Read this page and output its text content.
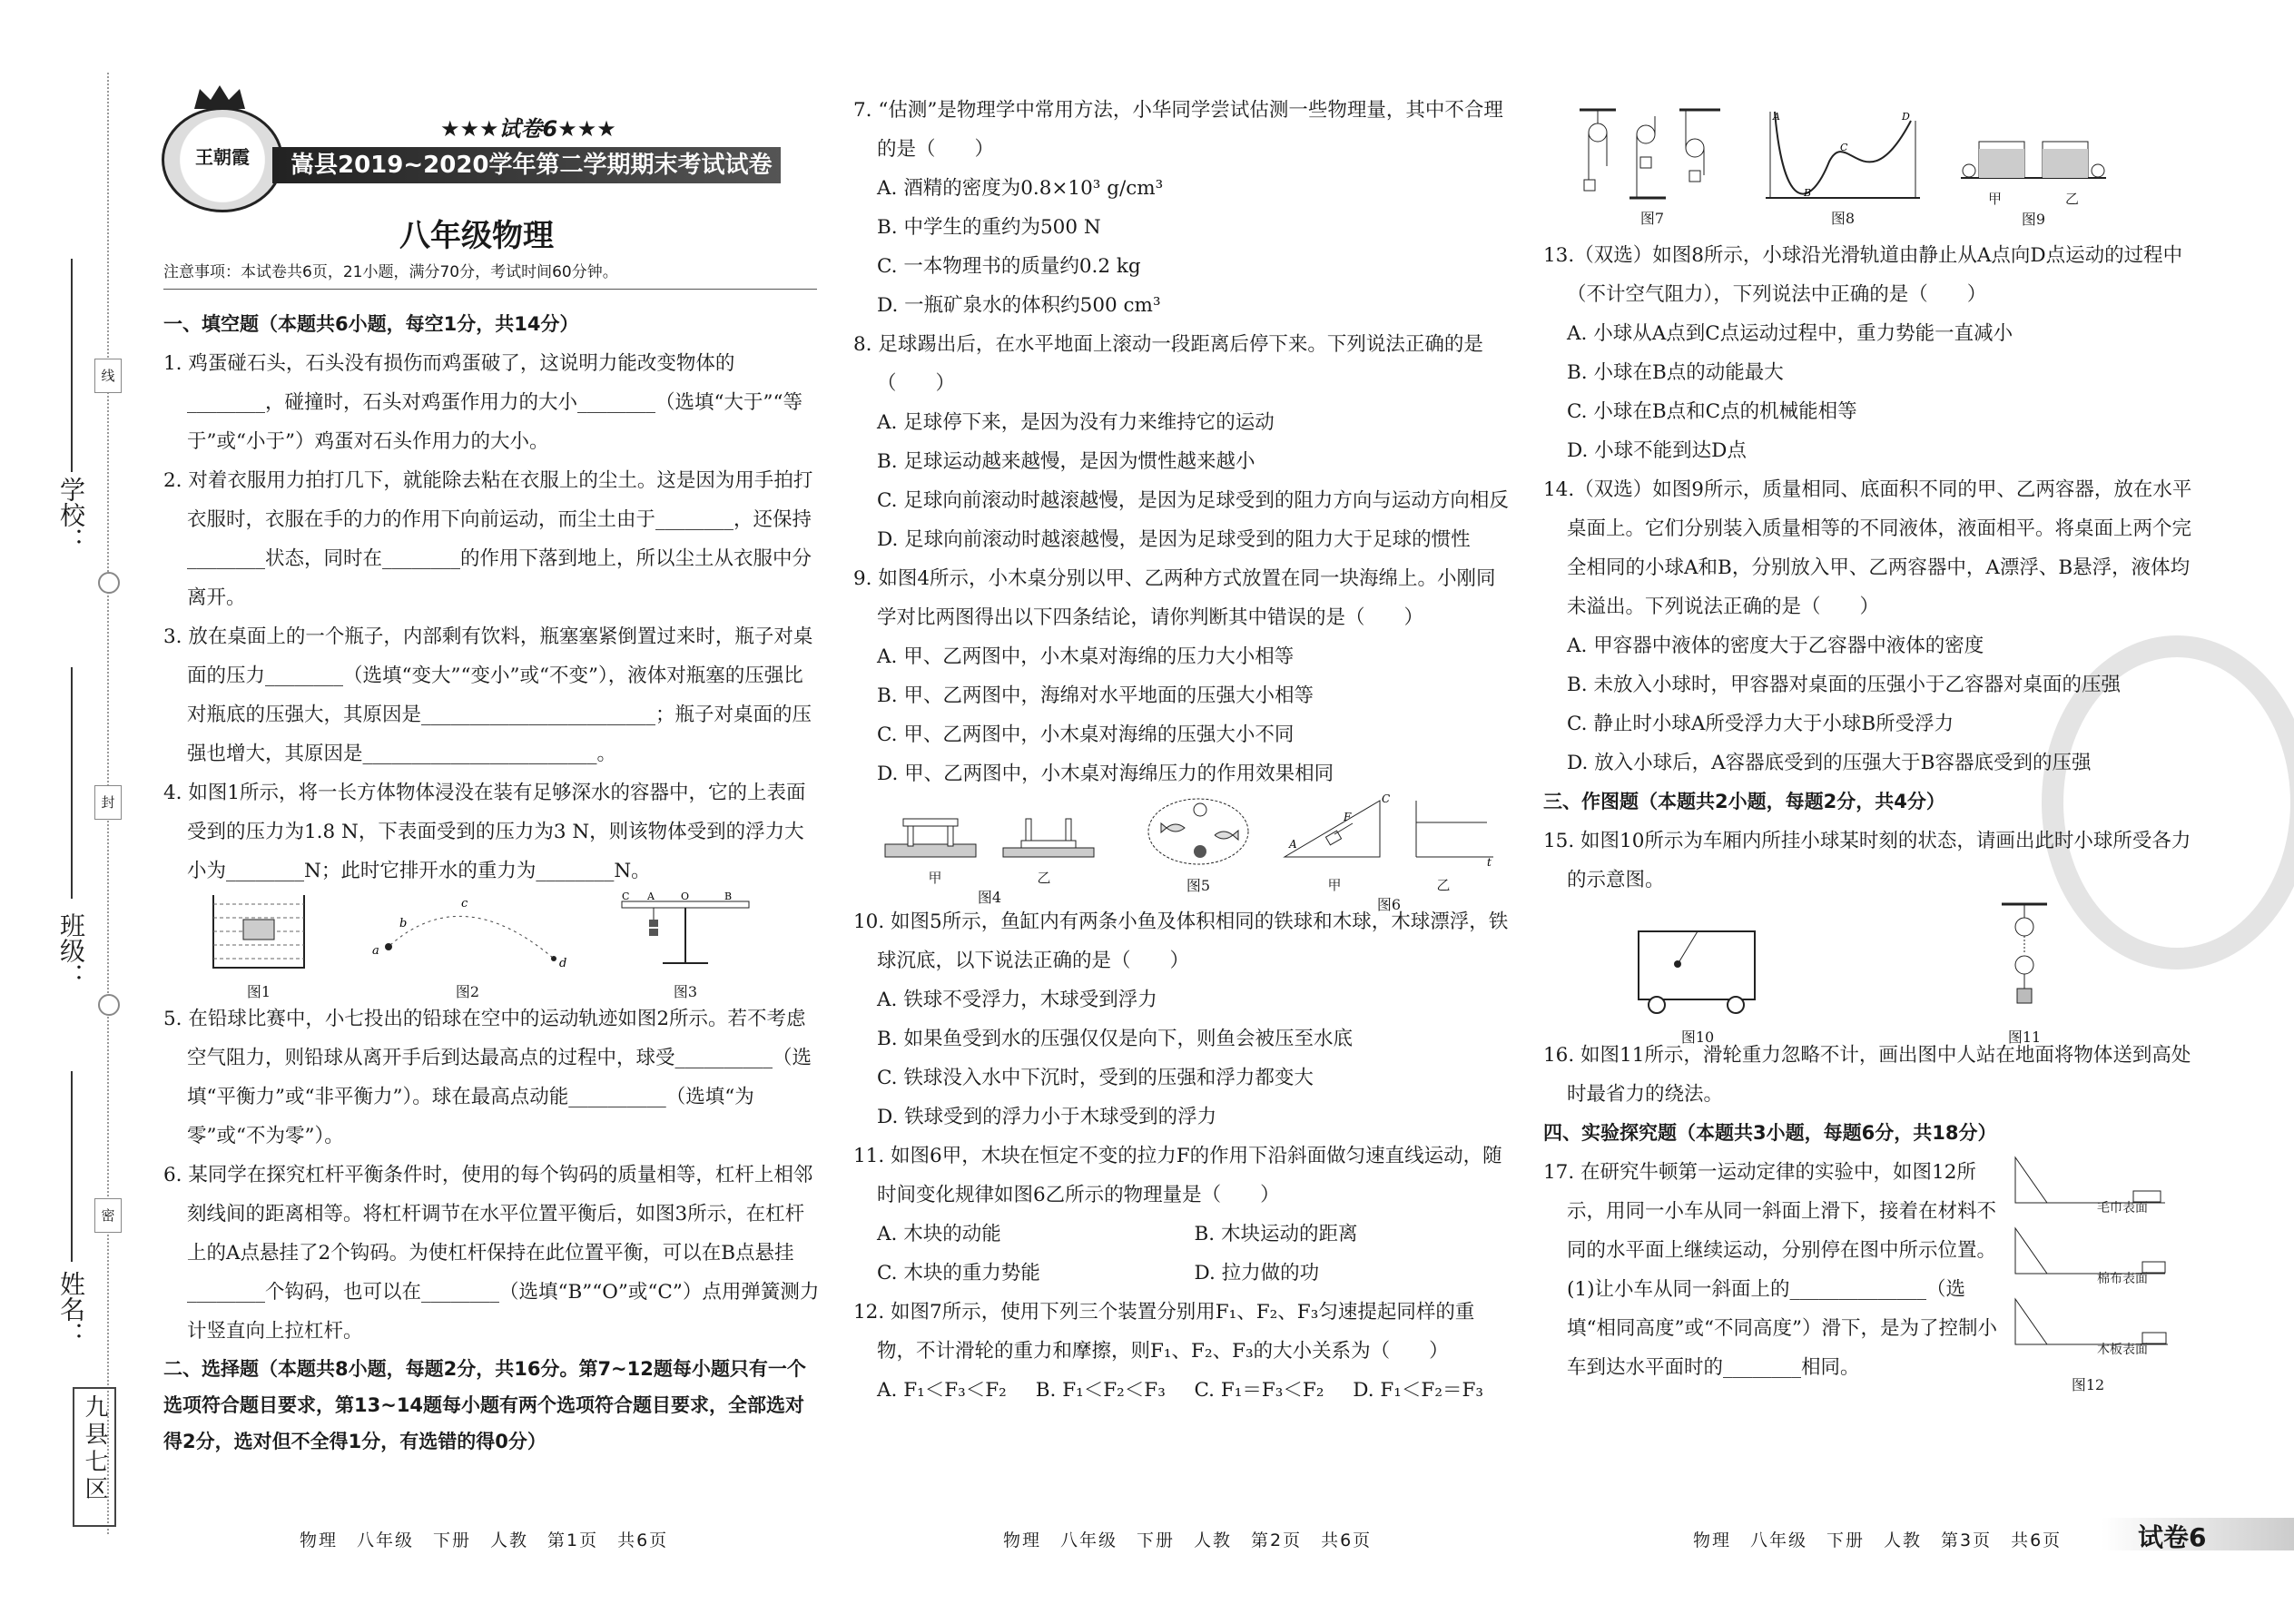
线
封
密
学校：
班级：
姓名：
九县七区
王朝霞
★★★试卷6★★★
嵩县2019~2020学年第二学期期末考试试卷
八年级物理
注意事项：本试卷共6页，21小题，满分70分，考试时间60分钟。

一、填空题（本题共6小题，每空1分，共14分）

1. 鸡蛋碰石头，石头没有损伤而鸡蛋破了，这说明力能改变物体的________，碰撞时，石头对鸡蛋作用力的大小________（选填“大于”“等于”或“小于”）鸡蛋对石头作用力的大小。

2. 对着衣服用力拍打几下，就能除去粘在衣服上的尘土。这是因为用手拍打衣服时，衣服在手的力的作用下向前运动，而尘土由于________，还保持________状态，同时在________的作用下落到地上，所以尘土从衣服中分离开。

3. 放在桌面上的一个瓶子，内部剩有饮料，瓶塞塞紧倒置过来时，瓶子对桌面的压力________（选填“变大”“变小”或“不变”），液体对瓶塞的压强比对瓶底的压强大，其原因是________________________；瓶子对桌面的压强也增大，其原因是________________________。

4. 如图1所示，将一长方体物体浸没在装有足够深水的容器中，它的上表面受到的压力为1.8 N，下表面受到的压力为3 N，则该物体受到的浮力大小为________N；此时它排开水的重力为________N。

图1
a
b
c
d
图2
C A	O	B
图3

5. 在铅球比赛中，小七投出的铅球在空中的运动轨迹如图2所示。若不考虑空气阻力，则铅球从离开手后到达最高点的过程中，球受__________（选填“平衡力”或“非平衡力”）。球在最高点动能__________（选填“为零”或“不为零”）。

6. 某同学在探究杠杆平衡条件时，使用的每个钩码的质量相等，杠杆上相邻刻线间的距离相等。将杠杆调节在水平位置平衡后，如图3所示，在杠杆上的A点悬挂了2个钩码。为使杠杆保持在此位置平衡，可以在B点悬挂________个钩码，也可以在________（选填“B”“O”或“C”）点用弹簧测力计竖直向上拉杠杆。

二、选择题（本题共8小题，每题2分，共16分。第7~12题每小题只有一个选项符合题目要求，第13~14题每小题有两个选项符合题目要求，全部选对得2分，选对但不全得1分，有选错的得0分）

物理　八年级　下册　人教　第1页　共6页

7. “估测”是物理学中常用方法，小华同学尝试估测一些物理量，其中不合理的是（　　）

A. 酒精的密度为0.8×10³ g/cm³

B. 中学生的重约为500 N

C. 一本物理书的质量约0.2 kg

D. 一瓶矿泉水的体积约500 cm³

8. 足球踢出后，在水平地面上滚动一段距离后停下来。下列说法正确的是（　　）

A. 足球停下来，是因为没有力来维持它的运动

B. 足球运动越来越慢，是因为惯性越来越小

C. 足球向前滚动时越滚越慢，是因为足球受到的阻力方向与运动方向相反

D. 足球向前滚动时越滚越慢，是因为足球受到的阻力大于足球的惯性

9. 如图4所示，小木桌分别以甲、乙两种方式放置在同一块海绵上。小刚同学对比两图得出以下四条结论，请你判断其中错误的是（　　）

A. 甲、乙两图中，小木桌对海绵的压力大小相等

B. 甲、乙两图中，海绵对水平地面的压强大小相等

C. 甲、乙两图中，小木桌对海绵的压强大小不同

D. 甲、乙两图中，小木桌对海绵压力的作用效果相同

甲	乙
图4
图5
A
F
C
t
甲	乙
图6

10. 如图5所示，鱼缸内有两条小鱼及体积相同的铁球和木球，木球漂浮，铁球沉底，以下说法正确的是（　　）

A. 铁球不受浮力，木球受到浮力

B. 如果鱼受到水的压强仅仅是向下，则鱼会被压至水底

C. 铁球没入水中下沉时，受到的压强和浮力都变大

D. 铁球受到的浮力小于木球受到的浮力

11. 如图6甲，木块在恒定不变的拉力F的作用下沿斜面做匀速直线运动，随时间变化规律如图6乙所示的物理量是（　　）

A. 木块的动能	B. 木块运动的距离
C. 木块的重力势能	D. 拉力做的功

12. 如图7所示，使用下列三个装置分别用F₁、F₂、F₃匀速提起同样的重物，不计滑轮的重力和摩擦，则F₁、F₂、F₃的大小关系为（　　）

A. F₁＜F₃＜F₂	B. F₁＜F₂＜F₃	C. F₁＝F₃＜F₂	D. F₁＜F₂＝F₃
物理　八年级　下册　人教　第2页　共6页
图7
A
B
C
D
图8
甲	乙
图9

13.（双选）如图8所示，小球沿光滑轨道由静止从A点向D点运动的过程中（不计空气阻力），下列说法中正确的是（　　）

A. 小球从A点到C点运动过程中，重力势能一直减小

B. 小球在B点的动能最大

C. 小球在B点和C点的机械能相等

D. 小球不能到达D点

14.（双选）如图9所示，质量相同、底面积不同的甲、乙两容器，放在水平桌面上。它们分别装入质量相等的不同液体，液面相平。将桌面上两个完全相同的小球A和B，分别放入甲、乙两容器中，A漂浮、B悬浮，液体均未溢出。下列说法正确的是（　　）

A. 甲容器中液体的密度大于乙容器中液体的密度

B. 未放入小球时，甲容器对桌面的压强小于乙容器对桌面的压强

C. 静止时小球A所受浮力大于小球B所受浮力

D. 放入小球后，A容器底受到的压强大于B容器底受到的压强

三、作图题（本题共2小题，每题2分，共4分）

15. 如图10所示为车厢内所挂小球某时刻的状态，请画出此时小球所受各力的示意图。

图10	图11

16. 如图11所示，滑轮重力忽略不计，画出图中人站在地面将物体送到高处时最省力的绕法。

四、实验探究题（本题共3小题，每题6分，共18分）

17. 在研究牛顿第一运动定律的实验中，如图12所示，用同一小车从同一斜面上滑下，接着在材料不同的水平面上继续运动，分别停在图中所示位置。

(1)让小车从同一斜面上的______________（选填“相同高度”或“不同高度”）滑下，是为了控制小车到达水平面时的________相同。

毛巾表面
棉布表面
木板表面
图12
物理　八年级　下册　人教　第3页　共6页	试卷6
